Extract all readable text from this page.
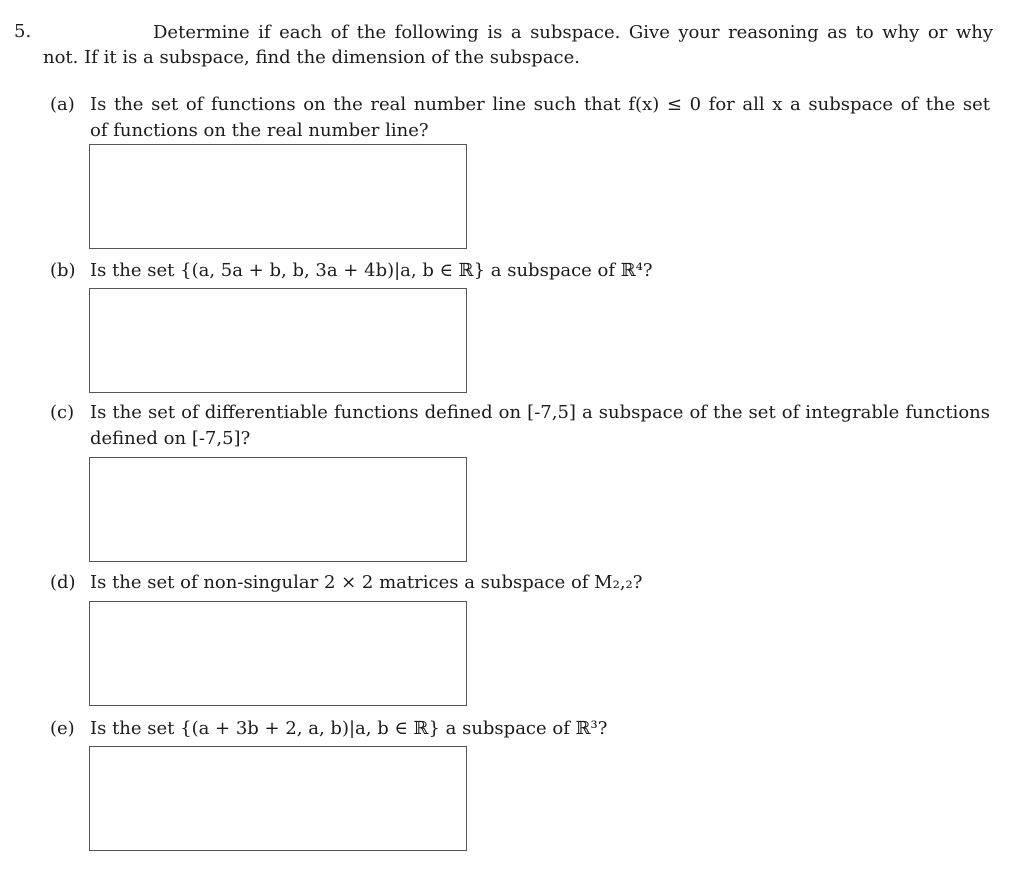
5.	Determine if each of the following is a subspace. Give your reasoning as to why or why
not. If it is a subspace, find the dimension of the subspace.
(a) Is the set of functions on the real number line such that f(x) ≤ 0 for all x a subspace of the set
of functions on the real number line?
(b) Is the set {(a, 5a + b, b, 3a + 4b)|a, b ∈ ℝ} a subspace of ℝ⁴?
(c) Is the set of differentiable functions defined on [-7,5] a subspace of the set of integrable functions
defined on [-7,5]?
(d) Is the set of non-singular 2 × 2 matrices a subspace of M₂,₂?
(e) Is the set {(a + 3b + 2, a, b)|a, b ∈ ℝ} a subspace of ℝ³?
